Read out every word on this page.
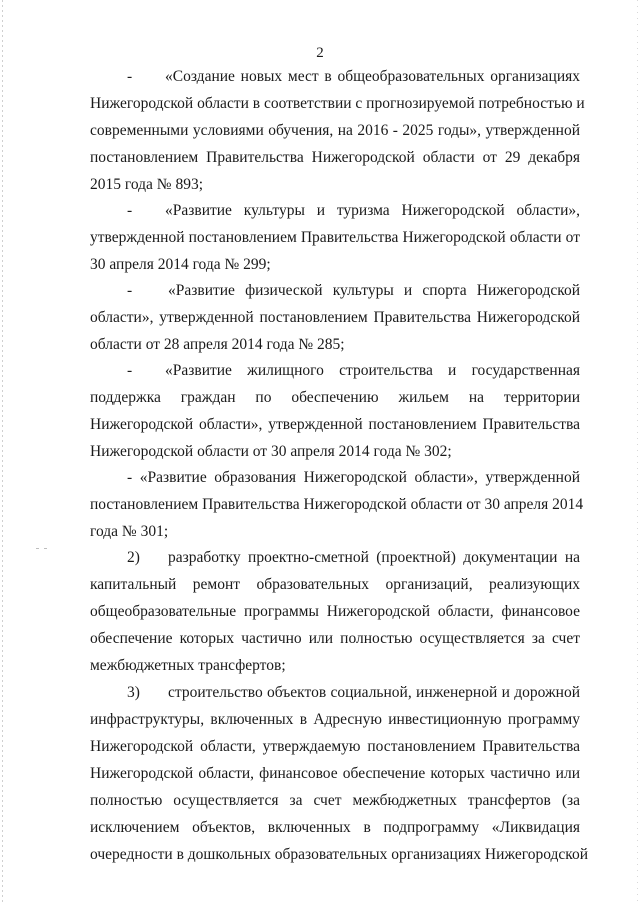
2
- «Создание новых мест в общеобразовательных организациях
Нижегородской области в соответствии с прогнозируемой потребностью и
современными условиями обучения, на 2016 - 2025 годы», утвержденной
постановлением Правительства Нижегородской области от 29 декабря
2015 года № 893;
- «Развитие культуры и туризма Нижегородской области»,
утвержденной постановлением Правительства Нижегородской области от
30 апреля 2014 года № 299;
- «Развитие физической культуры и спорта Нижегородской
области», утвержденной постановлением Правительства Нижегородской
области от 28 апреля 2014 года № 285;
- «Развитие жилищного строительства и государственная
поддержка граждан по обеспечению жильем на территории
Нижегородской области», утвержденной постановлением Правительства
Нижегородской области от 30 апреля 2014 года № 302;
- «Развитие образования Нижегородской области», утвержденной
постановлением Правительства Нижегородской области от 30 апреля 2014
года № 301;
2) разработку проектно-сметной (проектной) документации на
капитальный ремонт образовательных организаций, реализующих
общеобразовательные программы Нижегородской области, финансовое
обеспечение которых частично или полностью осуществляется за счет
межбюджетных трансфертов;
3) строительство объектов социальной, инженерной и дорожной
инфраструктуры, включенных в Адресную инвестиционную программу
Нижегородской области, утверждаемую постановлением Правительства
Нижегородской области, финансовое обеспечение которых частично или
полностью осуществляется за счет межбюджетных трансфертов (за
исключением объектов, включенных в подпрограмму «Ликвидация
очередности в дошкольных образовательных организациях Нижегородской
